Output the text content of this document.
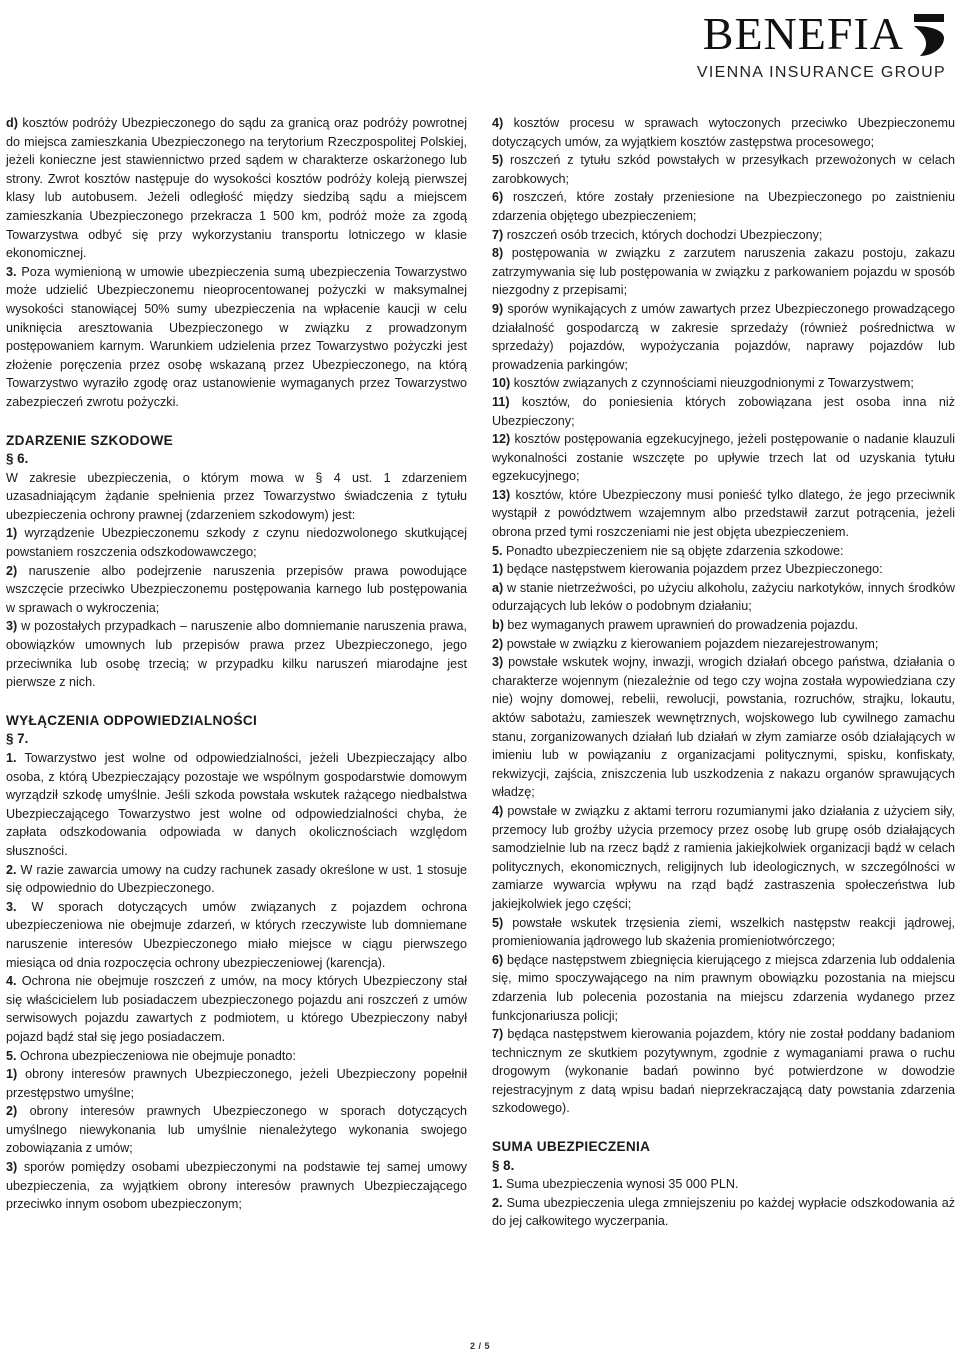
BENEFIA
VIENNA INSURANCE GROUP

d) kosztów podróży Ubezpieczonego do sądu za granicą oraz podróży powrotnej do miejsca zamieszkania Ubezpieczonego na terytorium Rzeczpospolitej Polskiej, jeżeli konieczne jest stawiennictwo przed sądem w charakterze oskarżonego lub strony. Zwrot kosztów następuje do wysokości kosztów podróży koleją pierwszej klasy lub autobusem. Jeżeli odległość między siedzibą sądu a miejscem zamieszkania Ubezpieczonego przekracza 1 500 km, podróż może za zgodą Towarzystwa odbyć się przy wykorzystaniu transportu lotniczego w klasie ekonomicznej.

3. Poza wymienioną w umowie ubezpieczenia sumą ubezpieczenia Towarzystwo może udzielić Ubezpieczonemu nieoprocentowanej pożyczki w maksymalnej wysokości stanowiącej 50% sumy ubezpieczenia na wpłacenie kaucji w celu uniknięcia aresztowania Ubezpieczonego w związku z prowadzonym postępowaniem karnym. Warunkiem udzielenia przez Towarzystwo pożyczki jest złożenie poręczenia przez osobę wskazaną przez Ubezpieczonego, na którą Towarzystwo wyraziło zgodę oraz ustanowienie wymaganych przez Towarzystwo zabezpieczeń zwrotu pożyczki.

ZDARZENIE SZKODOWE

§ 6.

W zakresie ubezpieczenia, o którym mowa w § 4 ust. 1 zdarzeniem uzasadniającym żądanie spełnienia przez Towarzystwo świadczenia z tytułu ubezpieczenia ochrony prawnej (zdarzeniem szkodowym) jest:

1) wyrządzenie Ubezpieczonemu szkody z czynu niedozwolonego skutkującej powstaniem roszczenia odszkodowawczego;

2) naruszenie albo podejrzenie naruszenia przepisów prawa powodujące wszczęcie przeciwko Ubezpieczonemu postępowania karnego lub postępowania w sprawach o wykroczenia;

3) w pozostałych przypadkach – naruszenie albo domniemanie naruszenia prawa, obowiązków umownych lub przepisów prawa przez Ubezpieczonego, jego przeciwnika lub osobę trzecią; w przypadku kilku naruszeń miarodajne jest pierwsze z nich.

WYŁĄCZENIA ODPOWIEDZIALNOŚCI

§ 7.

1. Towarzystwo jest wolne od odpowiedzialności, jeżeli Ubezpieczający albo osoba, z którą Ubezpieczający pozostaje we wspólnym gospodarstwie domowym wyrządził szkodę umyślnie. Jeśli szkoda powstała wskutek rażącego niedbalstwa Ubezpieczającego Towarzystwo jest wolne od odpowiedzialności chyba, że zapłata odszkodowania odpowiada w danych okolicznościach względom słuszności.

2. W razie zawarcia umowy na cudzy rachunek zasady określone w ust. 1 stosuje się odpowiednio do Ubezpieczonego.

3. W sporach dotyczących umów związanych z pojazdem ochrona ubezpieczeniowa nie obejmuje zdarzeń, w których rzeczywiste lub domniemane naruszenie interesów Ubezpieczonego miało miejsce w ciągu pierwszego miesiąca od dnia rozpoczęcia ochrony ubezpieczeniowej (karencja).

4. Ochrona nie obejmuje roszczeń z umów, na mocy których Ubezpieczony stał się właścicielem lub posiadaczem ubezpieczonego pojazdu ani roszczeń z umów serwisowych pojazdu zawartych z podmiotem, u którego Ubezpieczony nabył pojazd bądź stał się jego posiadaczem.

5. Ochrona ubezpieczeniowa nie obejmuje ponadto:

1) obrony interesów prawnych Ubezpieczonego, jeżeli Ubezpieczony popełnił przestępstwo umyślne;

2) obrony interesów prawnych Ubezpieczonego w sporach dotyczących umyślnego niewykonania lub umyślnie nienależytego wykonania swojego zobowiązania z umów;

3) sporów pomiędzy osobami ubezpieczonymi na podstawie tej samej umowy ubezpieczenia, za wyjątkiem obrony interesów prawnych Ubezpieczającego przeciwko innym osobom ubezpieczonym;

4) kosztów procesu w sprawach wytoczonych przeciwko Ubezpieczonemu dotyczących umów, za wyjątkiem kosztów zastępstwa procesowego;

5) roszczeń z tytułu szkód powstałych w przesyłkach przewożonych w celach zarobkowych;

6) roszczeń, które zostały przeniesione na Ubezpieczonego po zaistnieniu zdarzenia objętego ubezpieczeniem;

7) roszczeń osób trzecich, których dochodzi Ubezpieczony;

8) postępowania w związku z zarzutem naruszenia zakazu postoju, zakazu zatrzymywania się lub postępowania w związku z parkowaniem pojazdu w sposób niezgodny z przepisami;

9) sporów wynikających z umów zawartych przez Ubezpieczonego prowadzącego działalność gospodarczą w zakresie sprzedaży (również pośrednictwa w sprzedaży) pojazdów, wypożyczania pojazdów, naprawy pojazdów lub prowadzenia parkingów;

10) kosztów związanych z czynnościami nieuzgodnionymi z Towarzystwem;

11) kosztów, do poniesienia których zobowiązana jest osoba inna niż Ubezpieczony;

12) kosztów postępowania egzekucyjnego, jeżeli postępowanie o nadanie klauzuli wykonalności zostanie wszczęte po upływie trzech lat od uzyskania tytułu egzekucyjnego;

13) kosztów, które Ubezpieczony musi ponieść tylko dlatego, że jego przeciwnik wystąpił z powództwem wzajemnym albo przedstawił zarzut potrącenia, jeżeli obrona przed tymi roszczeniami nie jest objęta ubezpieczeniem.

5. Ponadto ubezpieczeniem nie są objęte zdarzenia szkodowe:

1) będące następstwem kierowania pojazdem przez Ubezpieczonego:

a) w stanie nietrzeźwości, po użyciu alkoholu, zażyciu narkotyków, innych środków odurzających lub leków o podobnym działaniu;

b) bez wymaganych prawem uprawnień do prowadzenia pojazdu.

2) powstałe w związku z kierowaniem pojazdem niezarejestrowanym;

3) powstałe wskutek wojny, inwazji, wrogich działań obcego państwa, działania o charakterze wojennym (niezależnie od tego czy wojna została wypowiedziana czy nie) wojny domowej, rebelii, rewolucji, powstania, rozruchów, strajku, lokautu, aktów sabotażu, zamieszek wewnętrznych, wojskowego lub cywilnego zamachu stanu, zorganizowanych działań lub działań w złym zamiarze osób działających w imieniu lub w powiązaniu z organizacjami politycznymi, spisku, konfiskaty, rekwizycji, zajścia, zniszczenia lub uszkodzenia z nakazu organów sprawujących władzę;

4) powstałe w związku z aktami terroru rozumianymi jako działania z użyciem siły, przemocy lub groźby użycia przemocy przez osobę lub grupę osób działających samodzielnie lub na rzecz bądź z ramienia jakiejkolwiek organizacji bądź w celach politycznych, ekonomicznych, religijnych lub ideologicznych, w szczególności w zamiarze wywarcia wpływu na rząd bądź zastraszenia społeczeństwa lub jakiejkolwiek jego części;

5) powstałe wskutek trzęsienia ziemi, wszelkich następstw reakcji jądrowej, promieniowania jądrowego lub skażenia promieniotwórczego;

6) będące następstwem zbiegnięcia kierującego z miejsca zdarzenia lub oddalenia się, mimo spoczywającego na nim prawnym obowiązku pozostania na miejscu zdarzenia lub polecenia pozostania na miejscu zdarzenia wydanego przez funkcjonariusza policji;

7) będąca następstwem kierowania pojazdem, który nie został poddany badaniom technicznym ze skutkiem pozytywnym, zgodnie z wymaganiami prawa o ruchu drogowym (wykonanie badań powinno być potwierdzone w dowodzie rejestracyjnym z datą wpisu badań nieprzekraczającą daty powstania zdarzenia szkodowego).

SUMA UBEZPIECZENIA

§ 8.

1. Suma ubezpieczenia wynosi 35 000 PLN.

2. Suma ubezpieczenia ulega zmniejszeniu po każdej wypłacie odszkodowania aż do jej całkowitego wyczerpania.

2 / 5
